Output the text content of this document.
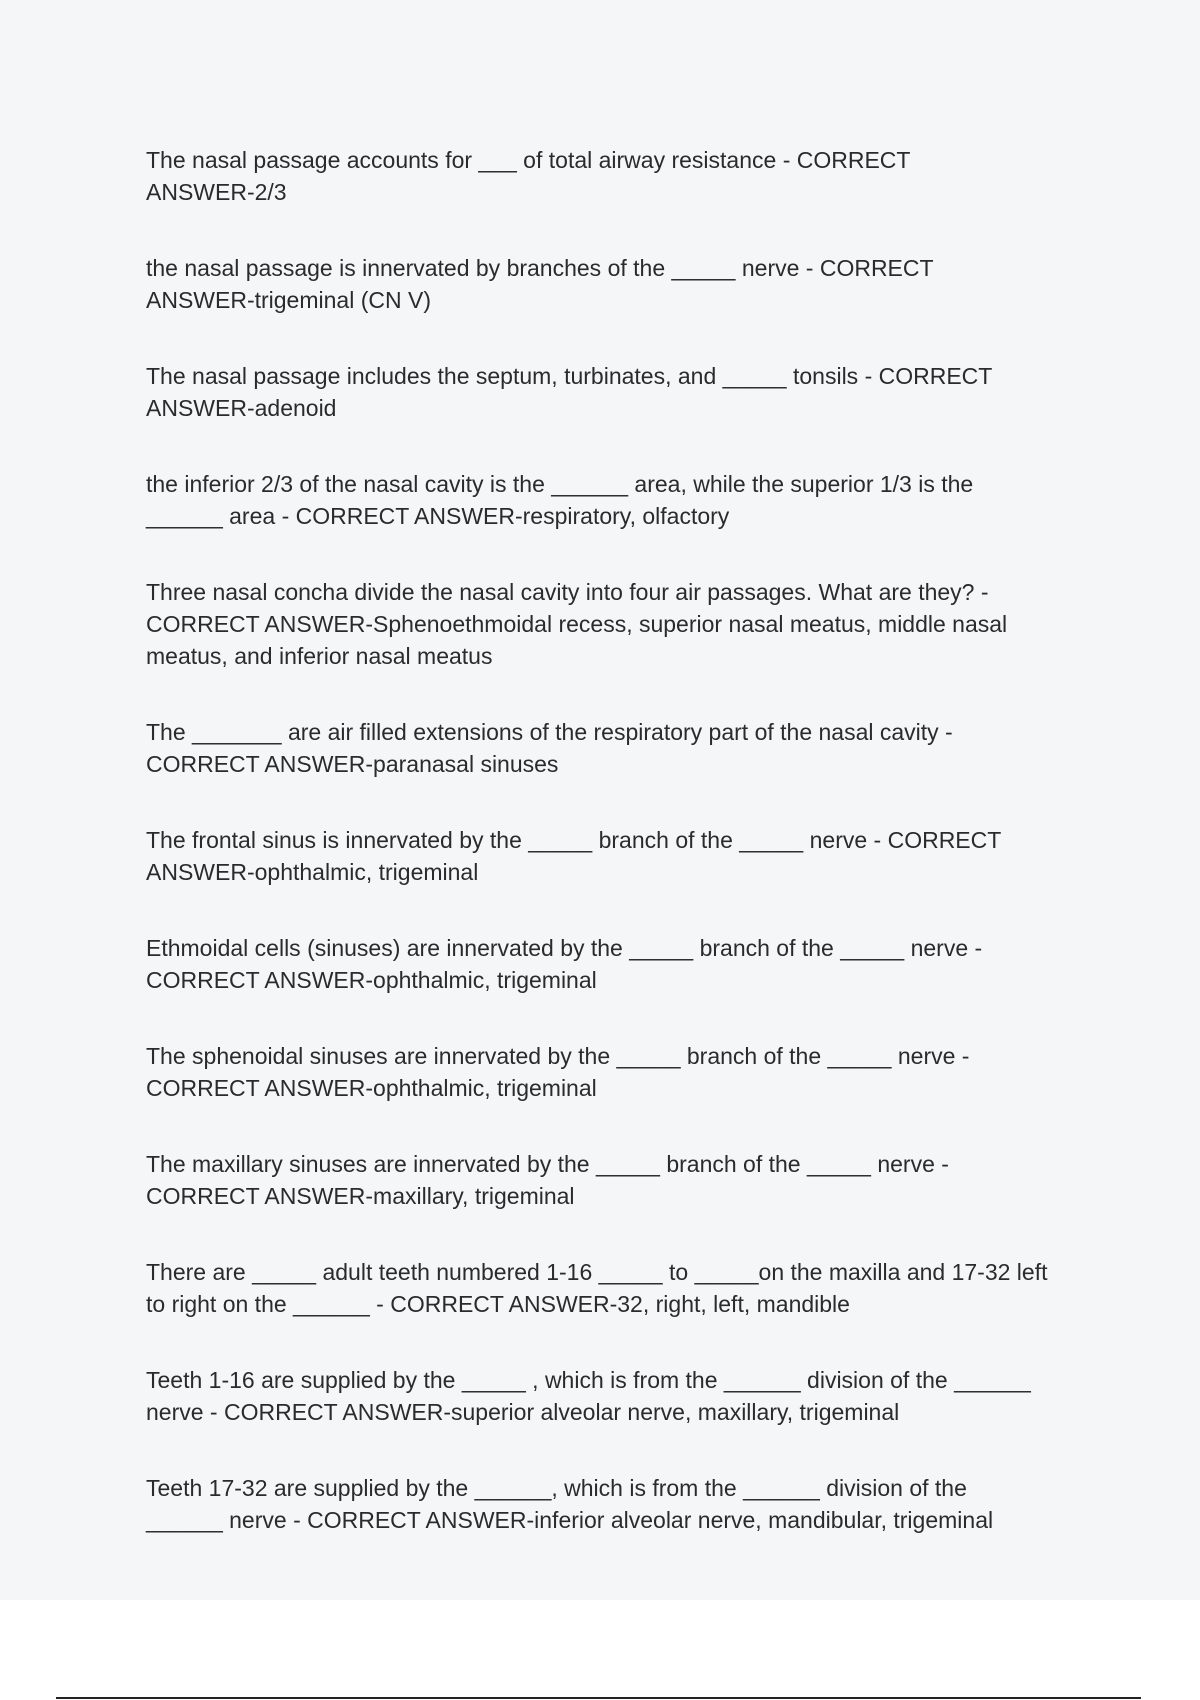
The nasal passage accounts for ___ of total airway resistance - CORRECT
ANSWER-2/3
the nasal passage is innervated by branches of the _____ nerve - CORRECT
ANSWER-trigeminal (CN V)
The nasal passage includes the septum, turbinates, and _____ tonsils - CORRECT
ANSWER-adenoid
the inferior 2/3 of the nasal cavity is the ______ area, while the superior 1/3 is the
______ area - CORRECT ANSWER-respiratory, olfactory
Three nasal concha divide the nasal cavity into four air passages. What are they? -
CORRECT ANSWER-Sphenoethmoidal recess, superior nasal meatus, middle nasal
meatus, and inferior nasal meatus
The _______ are air filled extensions of the respiratory part of the nasal cavity -
CORRECT ANSWER-paranasal sinuses
The frontal sinus is innervated by the _____ branch of the _____ nerve - CORRECT
ANSWER-ophthalmic, trigeminal
Ethmoidal cells (sinuses) are innervated by the _____ branch of the _____ nerve -
CORRECT ANSWER-ophthalmic, trigeminal
The sphenoidal sinuses are innervated by the _____ branch of the _____ nerve -
CORRECT ANSWER-ophthalmic, trigeminal
The maxillary sinuses are innervated by the _____ branch of the _____ nerve -
CORRECT ANSWER-maxillary, trigeminal
There are _____ adult teeth numbered 1-16 _____ to _____on the maxilla and 17-32 left
to right on the ______ - CORRECT ANSWER-32, right, left, mandible
Teeth 1-16 are supplied by the _____ , which is from the ______ division of the ______
nerve - CORRECT ANSWER-superior alveolar nerve, maxillary, trigeminal
Teeth 17-32 are supplied by the ______, which is from the ______ division of the
______ nerve - CORRECT ANSWER-inferior alveolar nerve, mandibular, trigeminal
